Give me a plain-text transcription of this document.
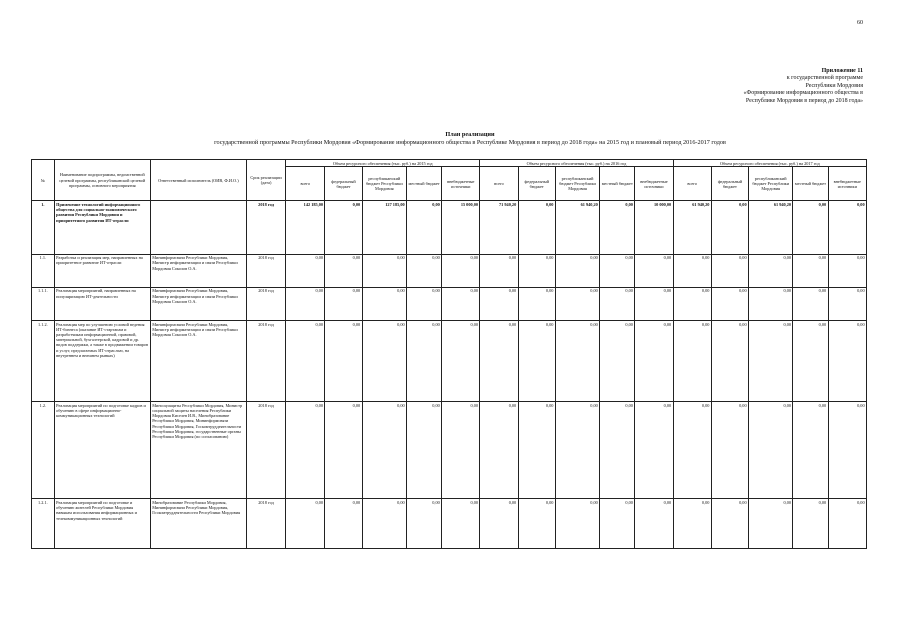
60
Приложение 11
к государственной программе
Республики Мордовия
«Формирование информационного общества в
Республике Мордовия в период до 2018 года»
План реализации
государственной программы Республики Мордовия «Формирование информационного общества в Республике Мордовия в период до 2018 года» на 2015 год и плановый период 2016-2017 годов
№	Наименование подпрограммы, ведомственной целевой программы, республиканской целевой программы, основного мероприятия	Ответственный исполнитель (ОИВ, Ф.И.О.)	Срок реализации (дата)	Объем ресурсного обеспечения (тыс. руб.) на 2015 год					Объем ресурсного обеспечения (тыс. руб.) на 2016 год					Объем ресурсного обеспечения (тыс. руб.) на 2017 год				
				всего	федеральный бюджет	республиканский бюджет Республики Мордовия	местный бюджет	внебюджетные источники	всего	федеральный бюджет	республиканский бюджет Республики Мордовия	местный бюджет	внебюджетные источники	всего	федеральный бюджет	республиканский бюджет Республики Мордовия	местный бюджет	внебюджетные источники
1.	Применение технологий информационного общества для социально-экономического развития Республики Мордовия и приоритетного развития ИТ-отрасли		2018 год	142 185,00	0,00	127 185,00	0,00	15 000,00	71 940,20	0,00	61 940,20	0,00	10 000,00	61 940,20	0,00	61 940,20	0,00	0,00
1.1.	Разработка и реализация мер, направленных на приоритетное развитие ИТ-отрасли	Мининформсвязи Республики Мордовия, Министр информатизации и связи Республики Мордовия Соколов О.А.	2018 год	0,00	0,00	0,00	0,00	0,00	0,00	0,00	0,00	0,00	0,00	0,00	0,00	0,00	0,00	0,00
1.1.1.	Реализация мероприятий, направленных на популяризацию ИТ-деятельности	Мининформсвязи Республики Мордовия, Министр информатизации и связи Республики Мордовия Соколов О.А.	2018 год	0,00	0,00	0,00	0,00	0,00	0,00	0,00	0,00	0,00	0,00	0,00	0,00	0,00	0,00	0,00
1.1.2.	Реализация мер по улучшению условий ведения ИТ-бизнеса (оказание ИТ-стартапам и разработчикам информационной, правовой, материальной, бухгалтерской, кадровой и др. видов поддержки, а также в продвижении товаров и услуг, предлагаемых ИТ-отраслью, на внутреннем и внешнем рынках)	Мининформсвязи Республики Мордовия, Министр информатизации и связи Республики Мордовия Соколов О.А.	2018 год	0,00	0,00	0,00	0,00	0,00	0,00	0,00	0,00	0,00	0,00	0,00	0,00	0,00	0,00	0,00
1.2.	Реализация мероприятий по подготовке кадров и обучению в сфере информационно-коммуникационных технологий	Минсоцзащиты Республики Мордовия, Министр социальной защиты населения Республики Мордовия Киселев И.В., Минобразование Республики Мордовия, Мининформсвязи Республики Мордовия, Госкомтруддеятельности Республики Мордовия, государственные органы Республики Мордовия (по согласованию)	2018 год	0,00	0,00	0,00	0,00	0,00	0,00	0,00	0,00	0,00	0,00	0,00	0,00	0,00	0,00	0,00
1.2.1.	Реализация мероприятий по подготовке и обучению жителей Республики Мордовия навыкам использования информационных и телекоммуникационных технологий	Минобразование Республики Мордовия, Мининформсвязи Республики Мордовия, Госкомтруддеятельности Республики Мордовия	2018 год	0,00	0,00	0,00	0,00	0,00	0,00	0,00	0,00	0,00	0,00	0,00	0,00	0,00	0,00	0,00
